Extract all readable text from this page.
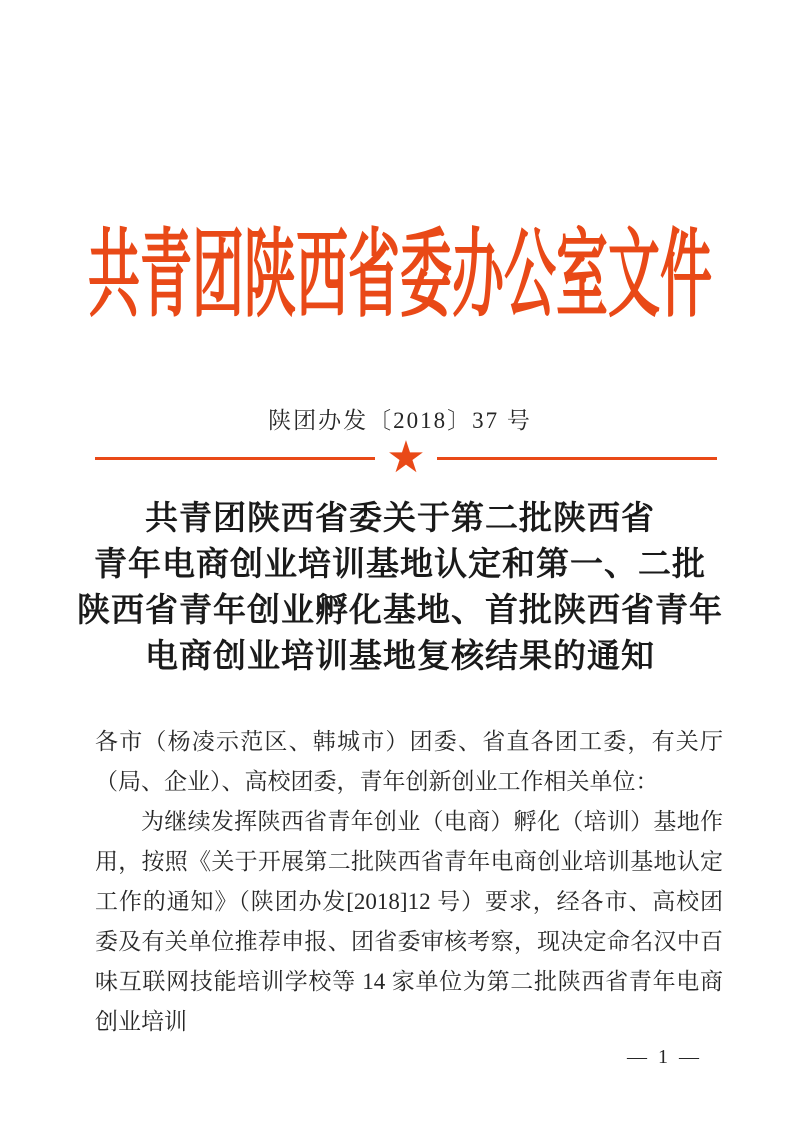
共青团陕西省委办公室文件
陕团办发〔2018〕37 号
★
共青团陕西省委关于第二批陕西省
青年电商创业培训基地认定和第一、二批
陕西省青年创业孵化基地、首批陕西省青年
电商创业培训基地复核结果的通知

各市（杨凌示范区、韩城市）团委、省直各团工委，有关厅（局、企业）、高校团委，青年创新创业工作相关单位：

为继续发挥陕西省青年创业（电商）孵化（培训）基地作用，按照《关于开展第二批陕西省青年电商创业培训基地认定工作的通知》（陕团办发[2018]12 号）要求，经各市、高校团委及有关单位推荐申报、团省委审核考察，现决定命名汉中百味互联网技能培训学校等 14 家单位为第二批陕西省青年电商创业培训

— 1 —
